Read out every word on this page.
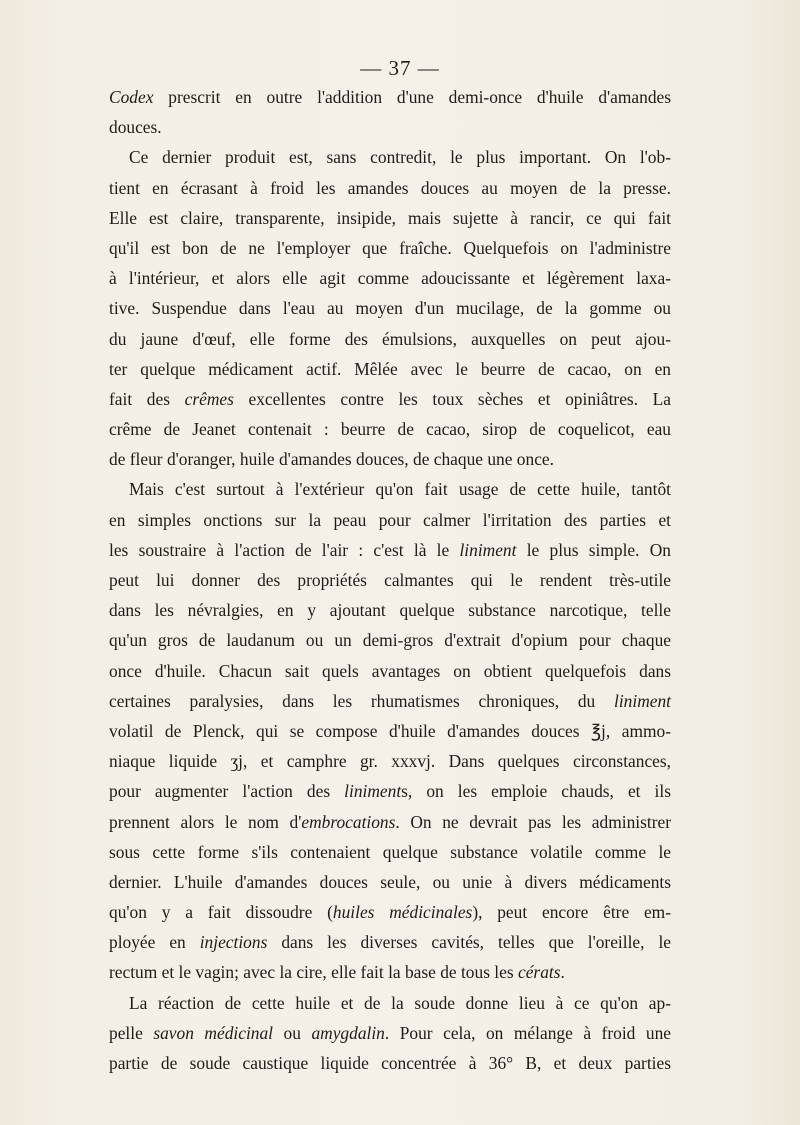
— 37 —
Codex prescrit en outre l'addition d'une demi-once d'huile d'amandes
douces.
Ce dernier produit est, sans contredit, le plus important. On l'ob-
tient en écrasant à froid les amandes douces au moyen de la presse.
Elle est claire, transparente, insipide, mais sujette à rancir, ce qui fait
qu'il est bon de ne l'employer que fraîche. Quelquefois on l'administre
à l'intérieur, et alors elle agit comme adoucissante et légèrement laxa-
tive. Suspendue dans l'eau au moyen d'un mucilage, de la gomme ou
du jaune d'œuf, elle forme des émulsions, auxquelles on peut ajou-
ter quelque médicament actif. Mêlée avec le beurre de cacao, on en
fait des crêmes excellentes contre les toux sèches et opiniâtres. La
crême de Jeanet contenait : beurre de cacao, sirop de coquelicot, eau
de fleur d'oranger, huile d'amandes douces, de chaque une once.
Mais c'est surtout à l'extérieur qu'on fait usage de cette huile, tantôt
en simples onctions sur la peau pour calmer l'irritation des parties et
les soustraire à l'action de l'air : c'est là le liniment le plus simple. On
peut lui donner des propriétés calmantes qui le rendent très-utile
dans les névralgies, en y ajoutant quelque substance narcotique, telle
qu'un gros de laudanum ou un demi-gros d'extrait d'opium pour chaque
once d'huile. Chacun sait quels avantages on obtient quelquefois dans
certaines paralysies, dans les rhumatismes chroniques, du liniment
volatil de Plenck, qui se compose d'huile d'amandes douces ℥j, ammo-
niaque liquide ʒj, et camphre gr. xxxvj. Dans quelques circonstances,
pour augmenter l'action des liniments, on les emploie chauds, et ils
prennent alors le nom d'embrocations. On ne devrait pas les administrer
sous cette forme s'ils contenaient quelque substance volatile comme le
dernier. L'huile d'amandes douces seule, ou unie à divers médicaments
qu'on y a fait dissoudre (huiles médicinales), peut encore être em-
ployée en injections dans les diverses cavités, telles que l'oreille, le
rectum et le vagin; avec la cire, elle fait la base de tous les cérats.
La réaction de cette huile et de la soude donne lieu à ce qu'on ap-
pelle savon médicinal ou amygdalin. Pour cela, on mélange à froid une
partie de soude caustique liquide concentrée à 36° B, et deux parties
